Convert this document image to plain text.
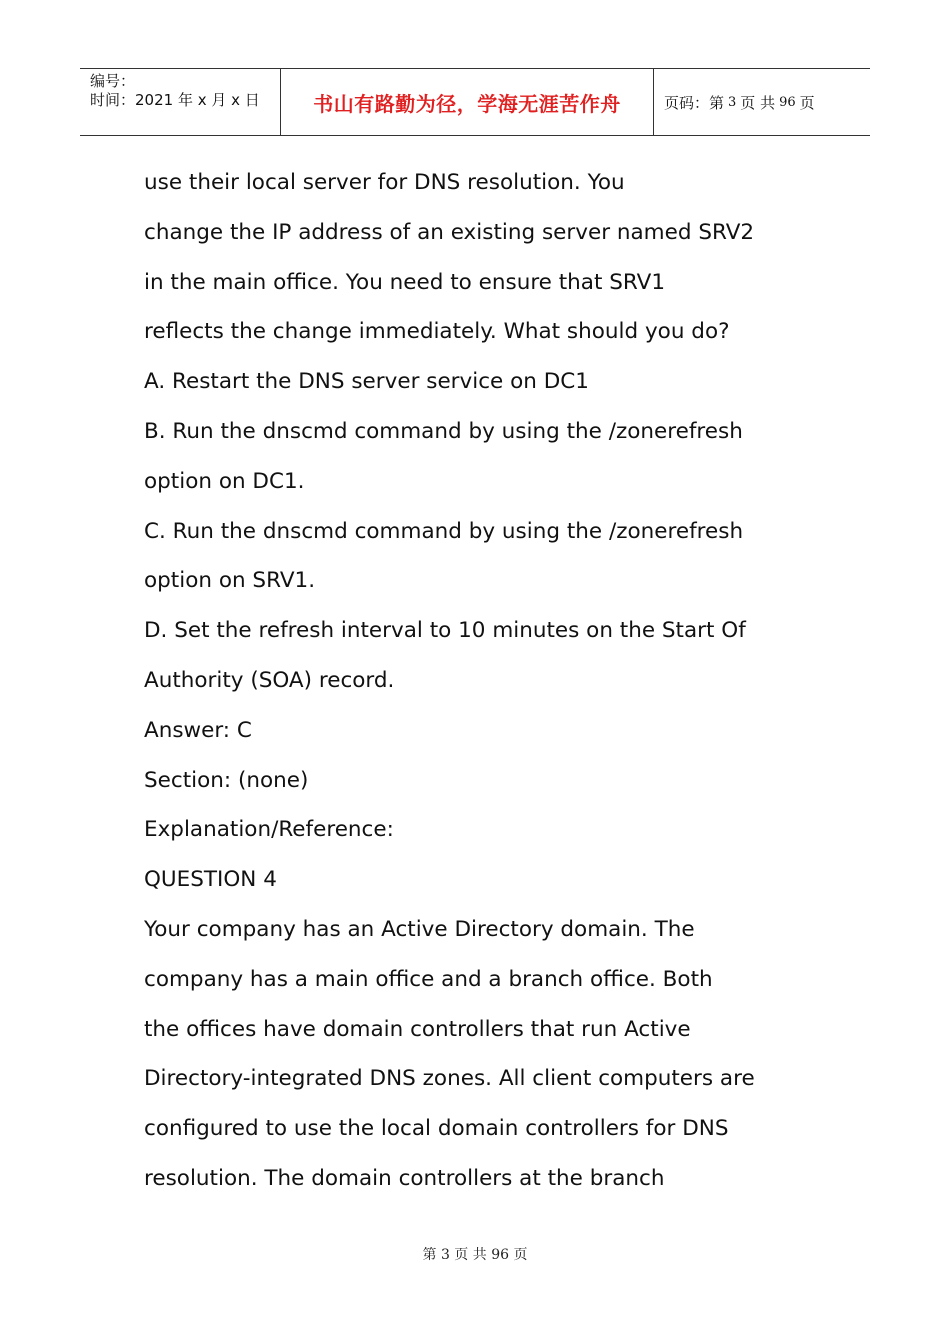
编号：
时间：2021 年 x 月 x 日	书山有路勤为径，学海无涯苦作舟	页码：第 3 页 共 96 页
use their local server for DNS resolution. You
change the IP address of an existing server named SRV2
in the main office. You need to ensure that SRV1
reflects the change immediately. What should you do?
A. Restart the DNS server service on DC1
B. Run the dnscmd command by using the /zonerefresh
option on DC1.
C. Run the dnscmd command by using the /zonerefresh
option on SRV1.
D. Set the refresh interval to 10 minutes on the Start Of
Authority (SOA) record.
Answer: C
Section: (none)
Explanation/Reference:
QUESTION 4
Your company has an Active Directory domain. The
company has a main office and a branch office. Both
the offices have domain controllers that run Active
Directory-integrated DNS zones. All client computers are
configured to use the local domain controllers for DNS
resolution. The domain controllers at the branch
第 3 页 共 96 页
